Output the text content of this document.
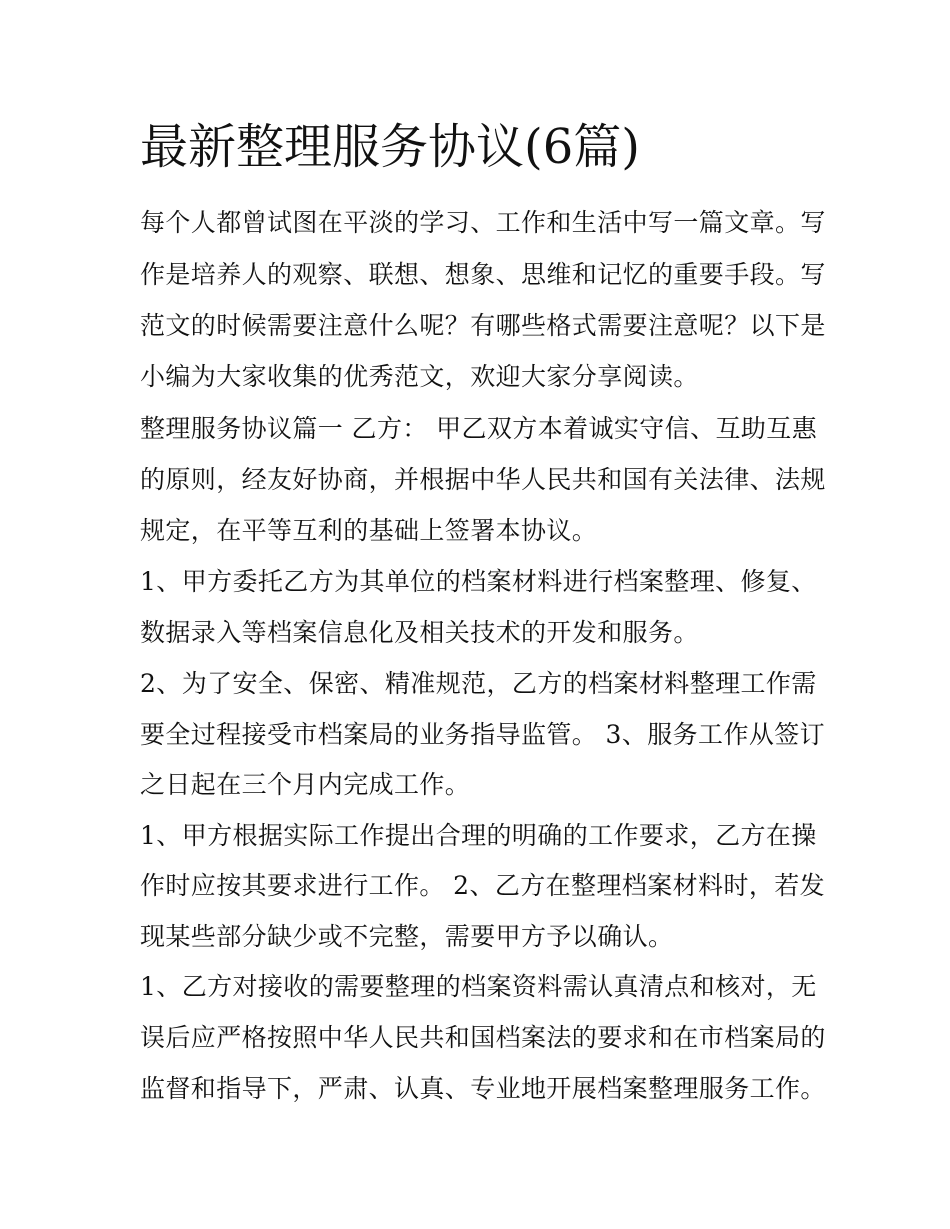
最新整理服务协议(6篇)

每个人都曾试图在平淡的学习、工作和生活中写一篇文章。写

作是培养人的观察、联想、想象、思维和记忆的重要手段。写

范文的时候需要注意什么呢？有哪些格式需要注意呢？以下是

小编为大家收集的优秀范文，欢迎大家分享阅读。

整理服务协议篇一 乙方： 甲乙双方本着诚实守信、互助互惠

的原则，经友好协商，并根据中华人民共和国有关法律、法规

规定，在平等互利的基础上签署本协议。

1、甲方委托乙方为其单位的档案材料进行档案整理、修复、

数据录入等档案信息化及相关技术的开发和服务。

2、为了安全、保密、精准规范，乙方的档案材料整理工作需

要全过程接受市档案局的业务指导监管。 3、服务工作从签订

之日起在三个月内完成工作。

1、甲方根据实际工作提出合理的明确的工作要求，乙方在操

作时应按其要求进行工作。 2、乙方在整理档案材料时，若发

现某些部分缺少或不完整，需要甲方予以确认。

1、乙方对接收的需要整理的档案资料需认真清点和核对，无

误后应严格按照中华人民共和国档案法的要求和在市档案局的

监督和指导下，严肃、认真、专业地开展档案整理服务工作。
